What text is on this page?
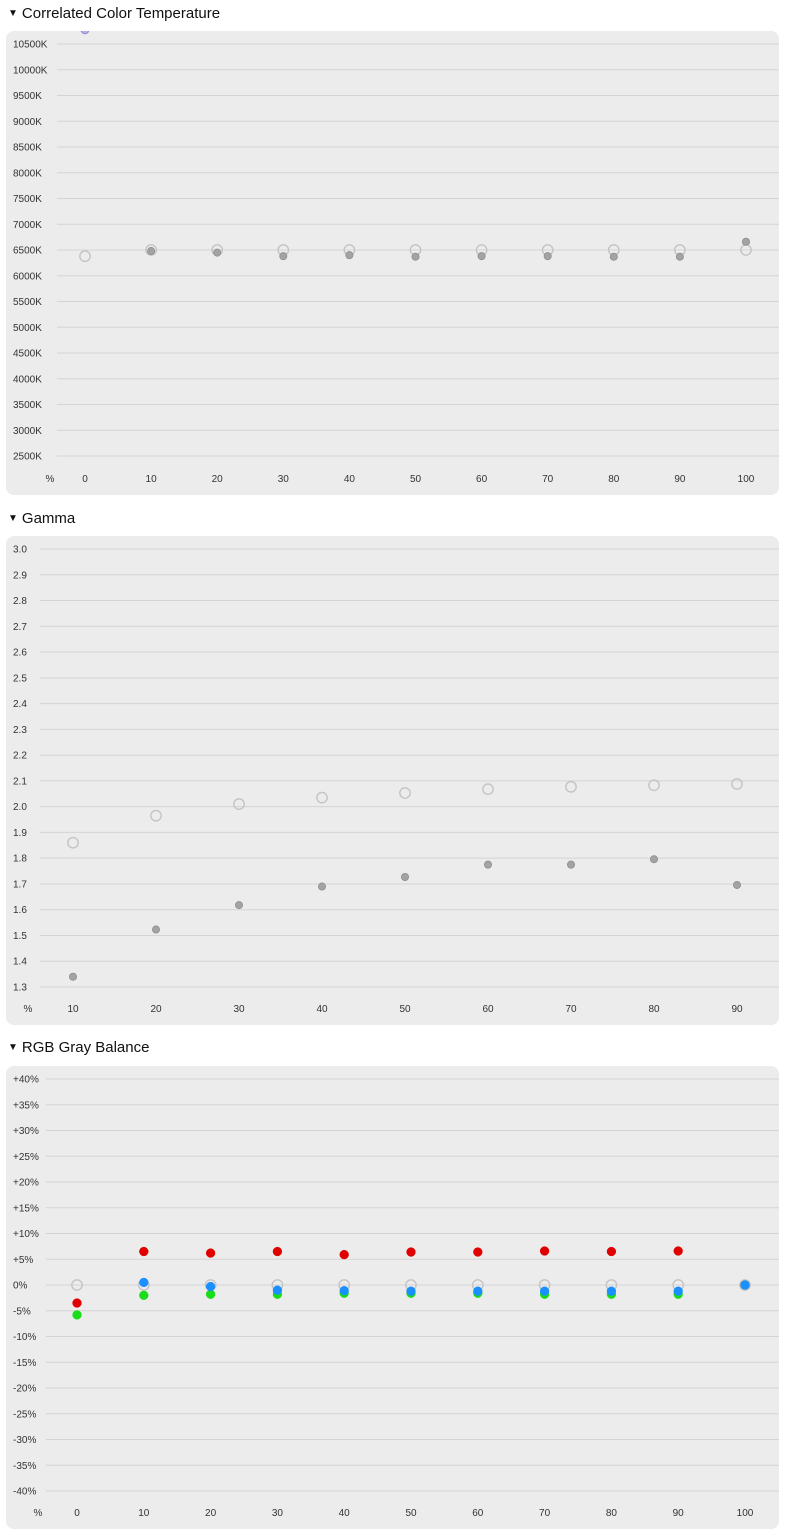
▼ Correlated Color Temperature
10500K
10000K
9500K
9000K
8500K
8000K
7500K
7000K
6500K
6000K
5500K
5000K
4500K
4000K
3500K
3000K
2500K
%	0	10	20	30	40	50	60	70	80	90	100
▼ Gamma
3.0
2.9
2.8
2.7
2.6
2.5
2.4
2.3
2.2
2.1
2.0
1.9
1.8
1.7
1.6
1.5
1.4
1.3
%	10	20	30	40	50	60	70	80	90
▼ RGB Gray Balance
+40%
+35%
+30%
+25%
+20%
+15%
+10%
+5%
0%
-5%
-10%
-15%
-20%
-25%
-30%
-35%
-40%
%	0	10	20	30	40	50	60	70	80	90	100
